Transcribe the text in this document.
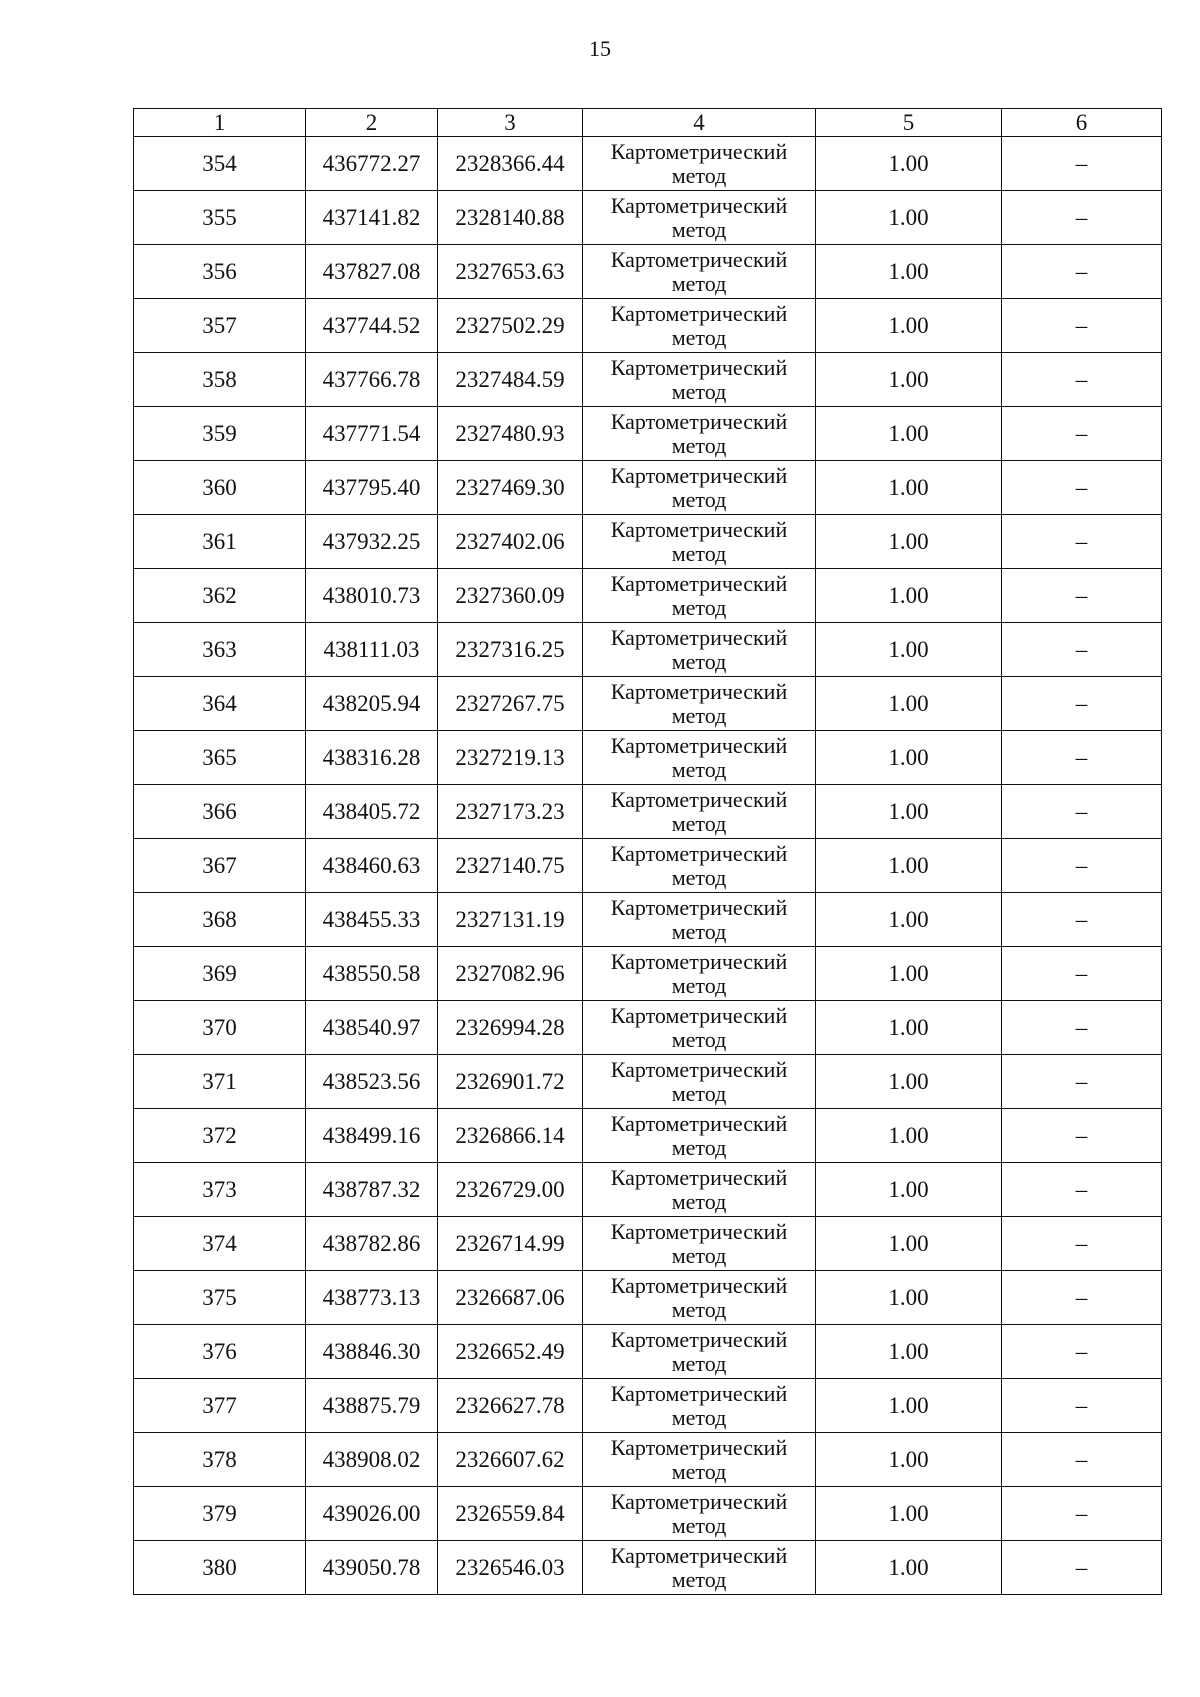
15
1	2	3	4	5	6
354	436772.27	2328366.44	Картометрический метод	1.00	–
355	437141.82	2328140.88	Картометрический метод	1.00	–
356	437827.08	2327653.63	Картометрический метод	1.00	–
357	437744.52	2327502.29	Картометрический метод	1.00	–
358	437766.78	2327484.59	Картометрический метод	1.00	–
359	437771.54	2327480.93	Картометрический метод	1.00	–
360	437795.40	2327469.30	Картометрический метод	1.00	–
361	437932.25	2327402.06	Картометрический метод	1.00	–
362	438010.73	2327360.09	Картометрический метод	1.00	–
363	438111.03	2327316.25	Картометрический метод	1.00	–
364	438205.94	2327267.75	Картометрический метод	1.00	–
365	438316.28	2327219.13	Картометрический метод	1.00	–
366	438405.72	2327173.23	Картометрический метод	1.00	–
367	438460.63	2327140.75	Картометрический метод	1.00	–
368	438455.33	2327131.19	Картометрический метод	1.00	–
369	438550.58	2327082.96	Картометрический метод	1.00	–
370	438540.97	2326994.28	Картометрический метод	1.00	–
371	438523.56	2326901.72	Картометрический метод	1.00	–
372	438499.16	2326866.14	Картометрический метод	1.00	–
373	438787.32	2326729.00	Картометрический метод	1.00	–
374	438782.86	2326714.99	Картометрический метод	1.00	–
375	438773.13	2326687.06	Картометрический метод	1.00	–
376	438846.30	2326652.49	Картометрический метод	1.00	–
377	438875.79	2326627.78	Картометрический метод	1.00	–
378	438908.02	2326607.62	Картометрический метод	1.00	–
379	439026.00	2326559.84	Картометрический метод	1.00	–
380	439050.78	2326546.03	Картометрический метод	1.00	–
